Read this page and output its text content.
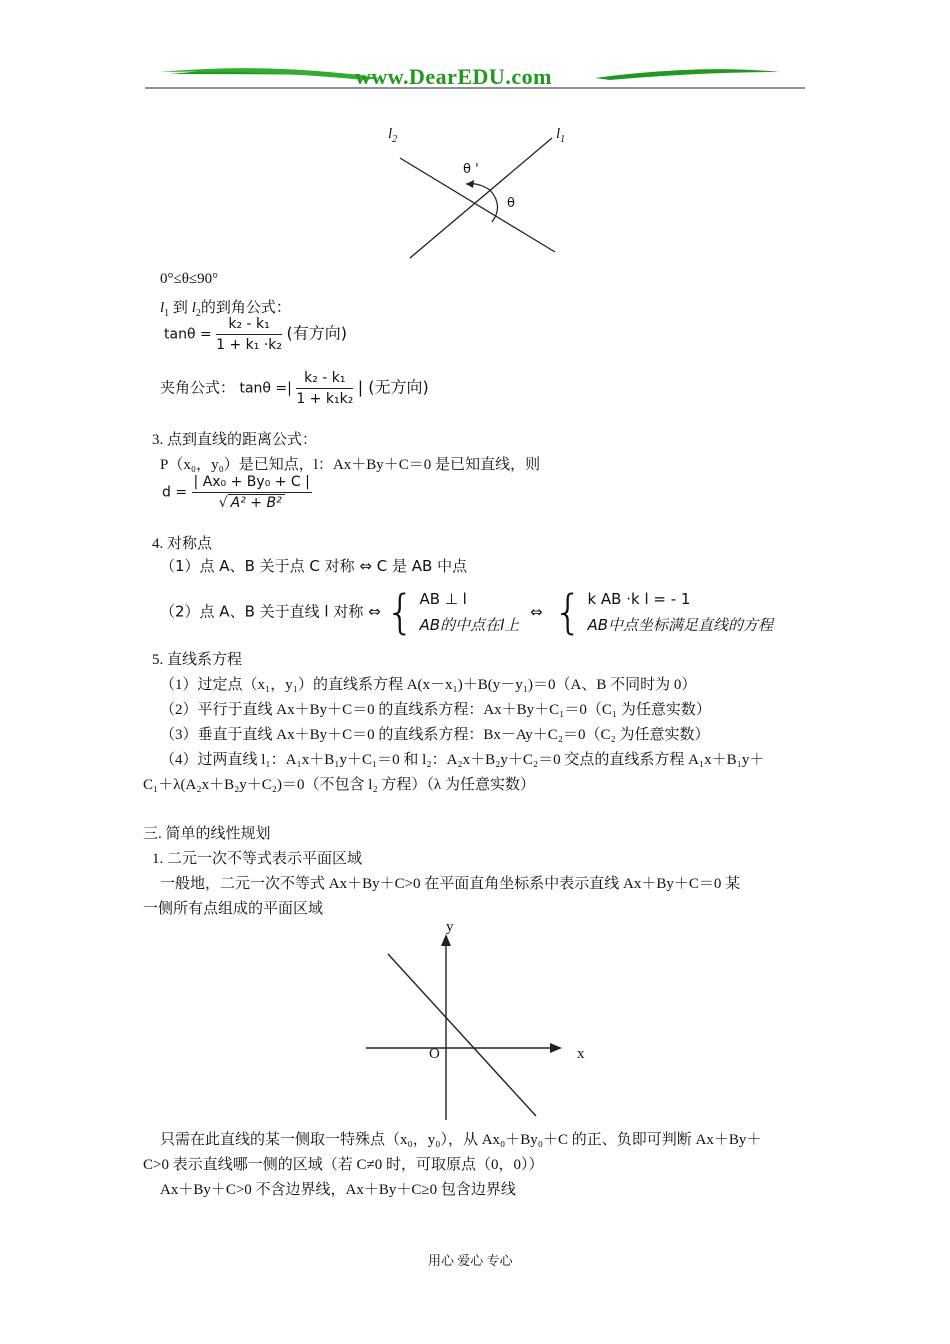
www.DearEDU.com
$l_2$	$l_1$
θ '
θ
0°≤θ≤90°
$l_1$ 到 $l_2$的到角公式：
$\tan\theta = \frac{\text{k₂ - k₁}}{\text{1 + k₁ ·k₂}}$ (有方向)
夹角公式： tanθ =| $\frac{\text{k₂ - k₁}}{\text{1 + k₁k₂}}$ | (无方向)
3. 点到直线的距离公式：
P（x₀，y₀）是已知点，l：Ax＋By＋C＝0 是已知直线，则
$d = \frac{\text{| Ax₀ + By₀ + C |}}{\text{√ A² + B²}}$
4. 对称点
（1）点 A、B 关于点 C 对称 ⇔ C 是 AB 中点
（2）点 A、B 关于直线 l 对称 ⇔ { AB ⊥ l
AB的中点在l上
⇔ { k AB ·k l = - 1
AB中点坐标满足直线的方程
5. 直线系方程
（1）过定点（x₁，y₁）的直线系方程 A(x－x₁)＋B(y－y₁)＝0（A、B 不同时为 0）
（2）平行于直线 Ax＋By＋C＝0 的直线系方程：Ax＋By＋C₁＝0（C₁ 为任意实数）
（3）垂直于直线 Ax＋By＋C＝0 的直线系方程：Bx－Ay＋C₂＝0（C₂ 为任意实数）
（4）过两直线 l₁：A₁x＋B₁y＋C₁＝0 和 l₂：A₂x＋B₂y＋C₂＝0 交点的直线系方程 A₁x＋B₁y＋
C₁＋λ(A₂x＋B₂y＋C₂)＝0（不包含 l₂ 方程）（λ 为任意实数）
三. 简单的线性规划
1. 二元一次不等式表示平面区域
一般地，二元一次不等式 Ax＋By＋C>0 在平面直角坐标系中表示直线 Ax＋By＋C＝0 某
一侧所有点组成的平面区域
y
x
O
只需在此直线的某一侧取一特殊点（x₀，y₀），从 Ax₀＋By₀＋C 的正、负即可判断 Ax＋By＋
C>0 表示直线哪一侧的区域（若 C≠0 时，可取原点（0，0））
Ax＋By＋C>0 不含边界线，Ax＋By＋C≥0 包含边界线
用心 爱心 专心
